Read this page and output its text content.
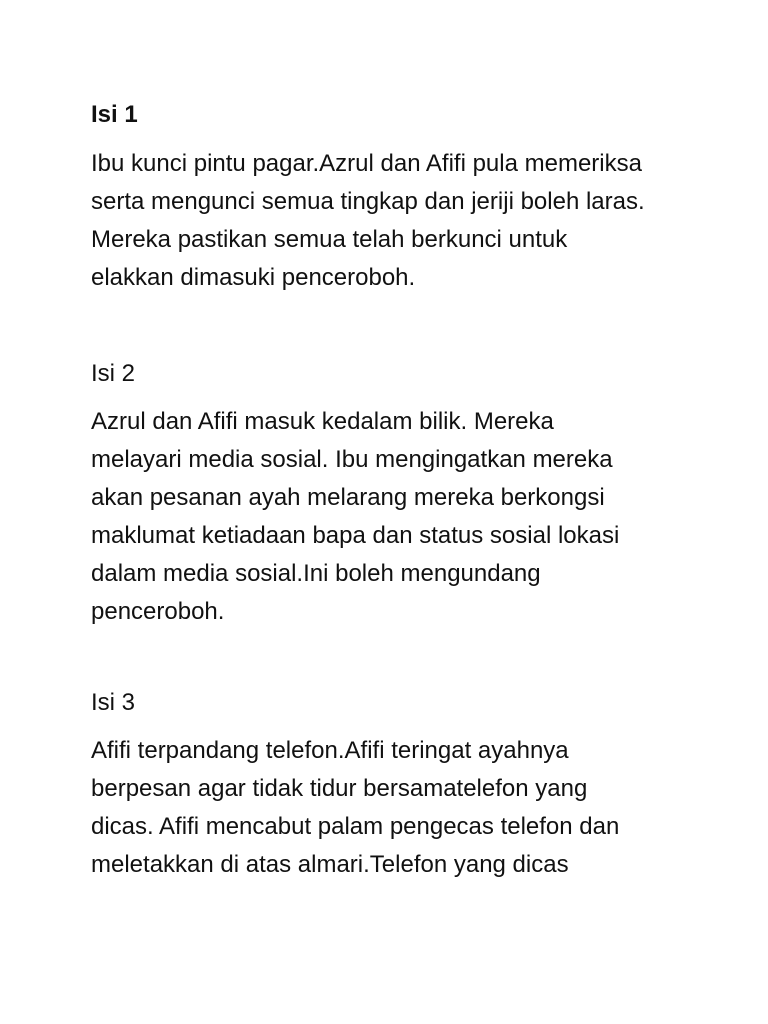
Isi 1
Ibu kunci pintu pagar.Azrul dan Afifi pula memeriksa
serta mengunci semua tingkap dan jeriji boleh laras.
Mereka pastikan semua telah berkunci untuk
elakkan dimasuki penceroboh.
Isi 2
Azrul dan Afifi masuk kedalam bilik. Mereka
melayari media sosial. Ibu mengingatkan mereka
akan pesanan ayah melarang mereka berkongsi
maklumat ketiadaan bapa dan status sosial lokasi
dalam media sosial.Ini boleh mengundang
penceroboh.
Isi 3
Afifi terpandang telefon.Afifi teringat ayahnya
berpesan agar tidak tidur bersamatelefon yang
dicas. Afifi mencabut palam pengecas telefon dan
meletakkan di atas almari.Telefon yang dicas
